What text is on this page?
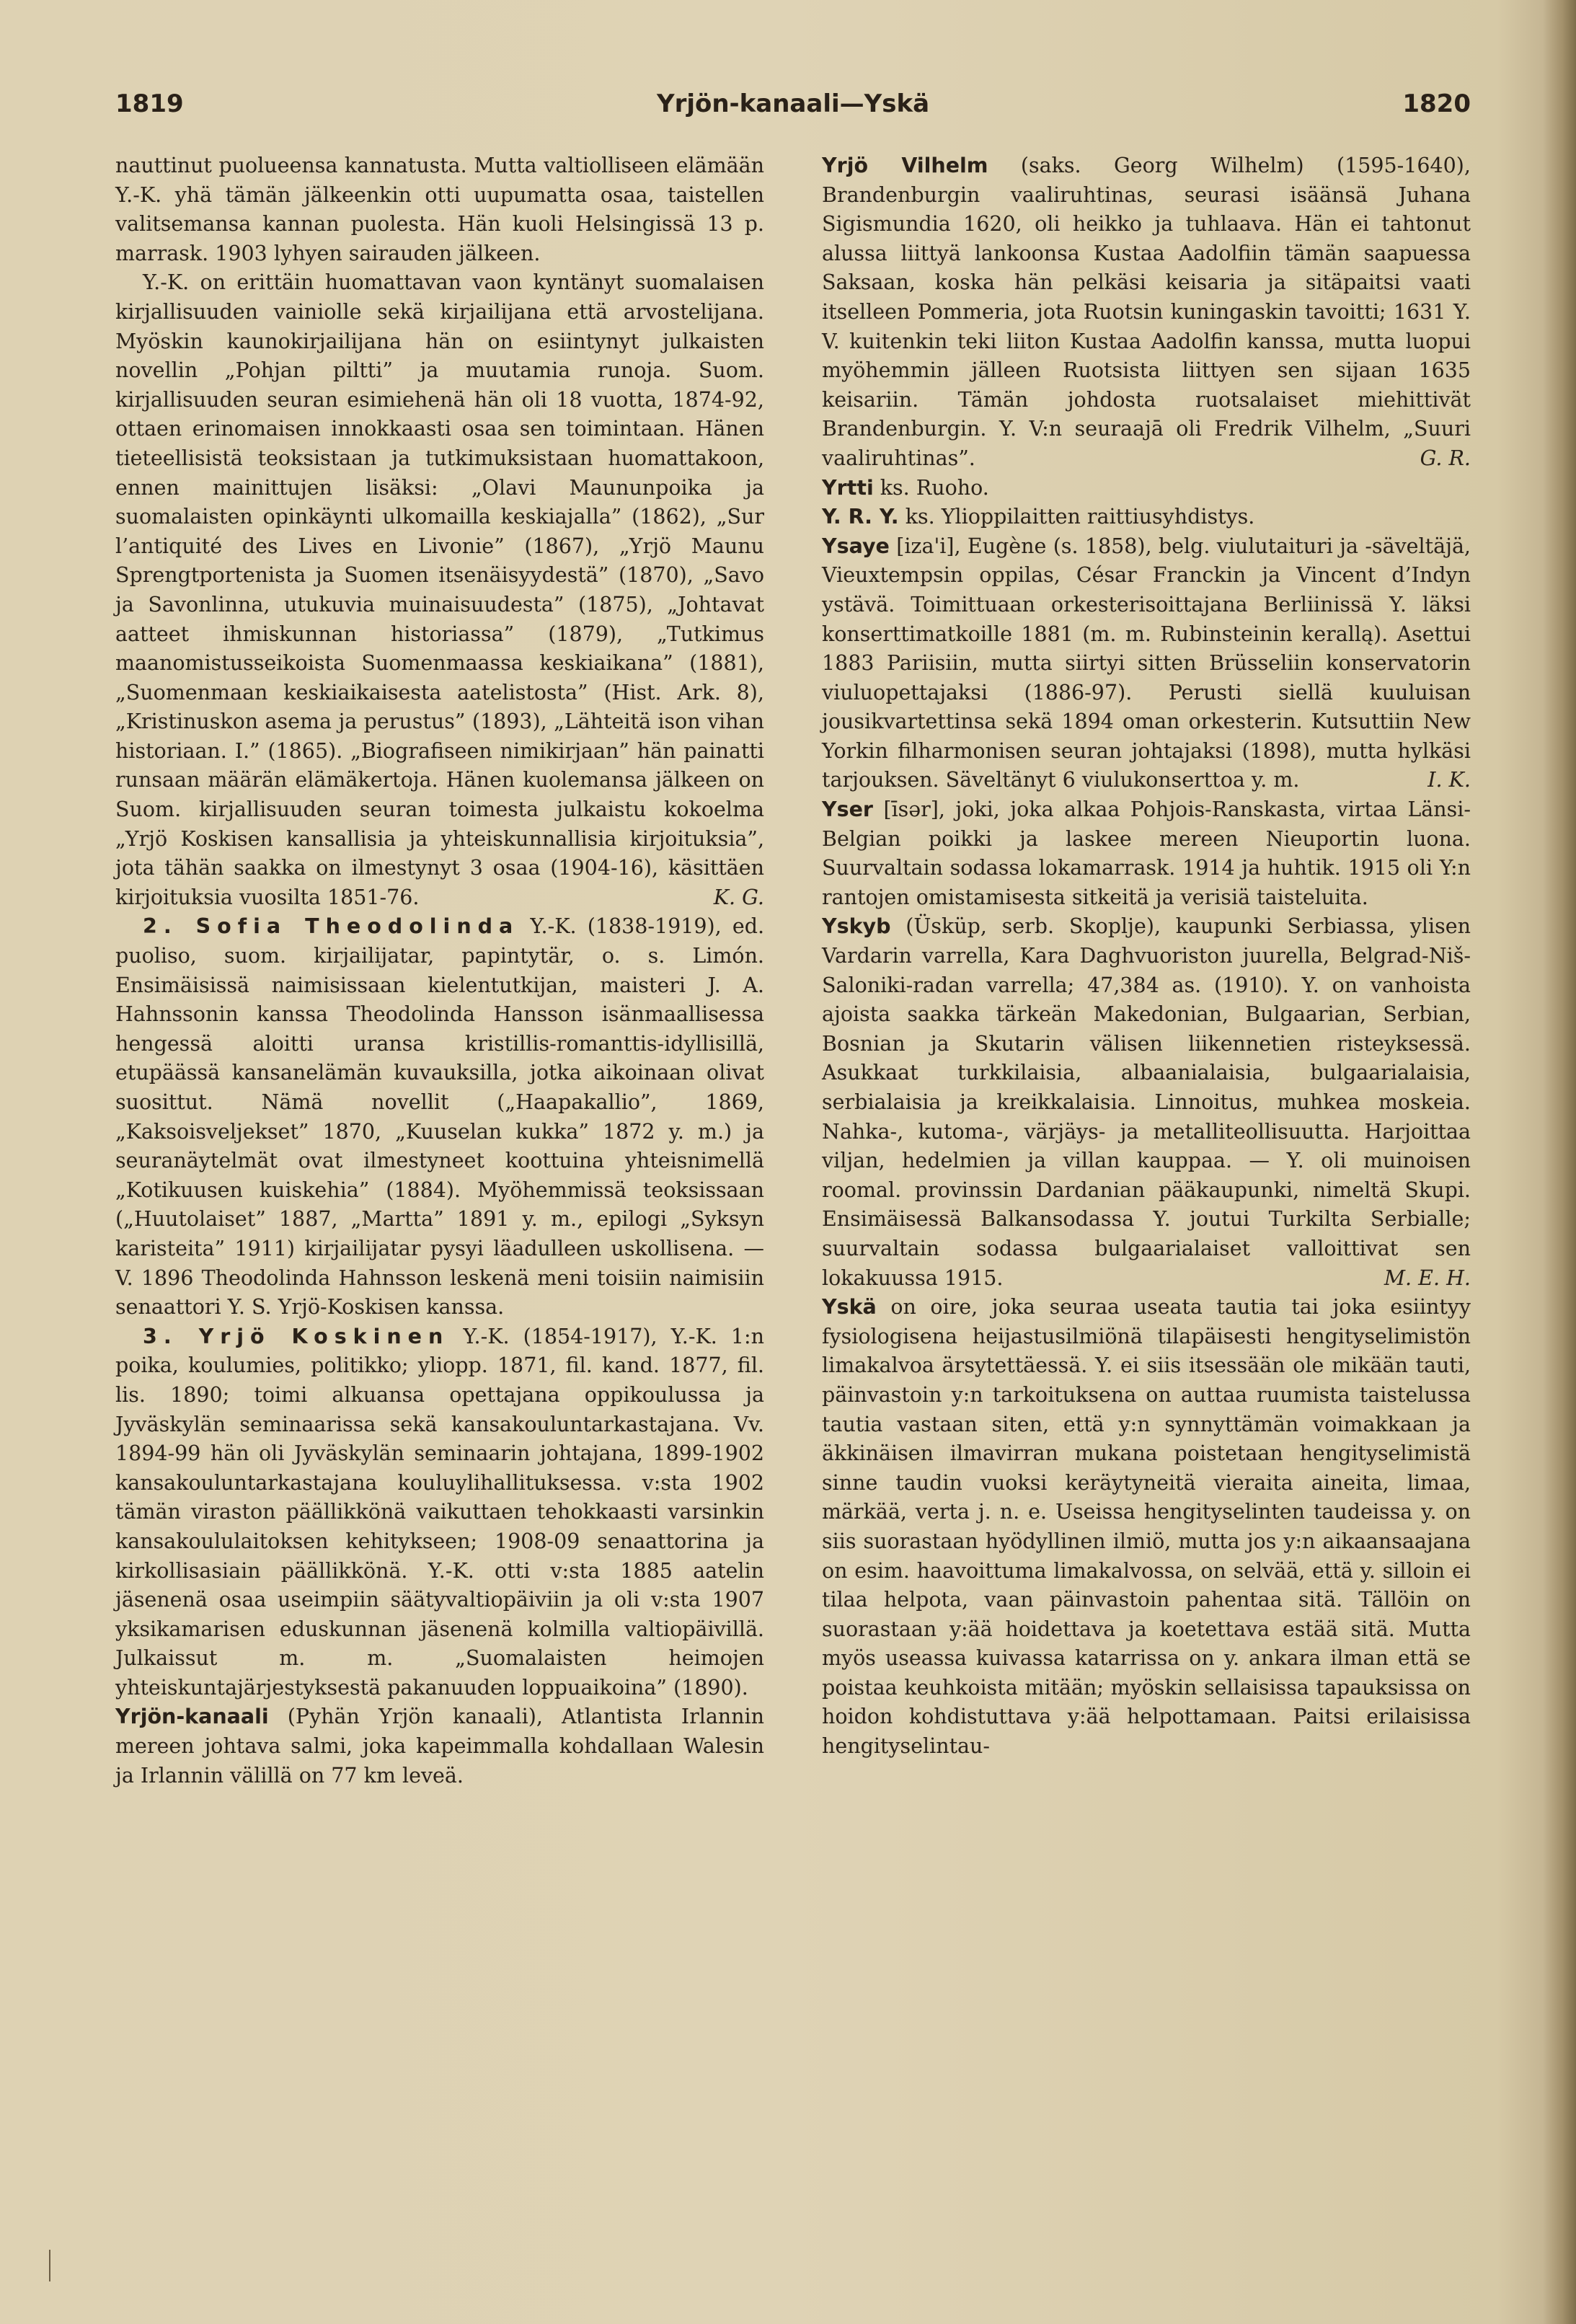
1819	Yrjön-kanaali—Yskä	1820

nauttinut puolueensa kannatusta. Mutta valtiolliseen elämään Y.-K. yhä tämän jälkeenkin otti uupumatta osaa, taistellen valitsemansa kannan puolesta. Hän kuoli Helsingissä 13 p. marrask. 1903 lyhyen sairauden jälkeen.

Y.-K. on erittäin huomattavan vaon kyntänyt suomalaisen kirjallisuuden vainiolle sekä kirjailijana että arvostelijana. Myöskin kaunokirjailijana hän on esiintynyt julkaisten novellin „Pohjan piltti” ja muutamia runoja. Suom. kirjallisuuden seuran esimiehenä hän oli 18 vuotta, 1874-92, ottaen erinomaisen innokkaasti osaa sen toimintaan. Hänen tieteellisistä teoksistaan ja tutkimuksistaan huomattakoon, ennen mainittujen lisäksi: „Olavi Maununpoika ja suomalaisten opinkäynti ulkomailla keskiajalla” (1862), „Sur l’antiquité des Lives en Livonie” (1867), „Yrjö Maunu Sprengtportenista ja Suomen itsenäisyydestä” (1870), „Savo ja Savonlinna, utukuvia muinaisuudesta” (1875), „Johtavat aatteet ihmiskunnan historiassa” (1879), „Tutkimus maanomistusseikoista Suomenmaassa keskiaikana” (1881), „Suomenmaan keskiaikaisesta aatelistosta” (Hist. Ark. 8), „Kristinuskon asema ja perustus” (1893), „Lähteitä ison vihan historiaan. I.” (1865). „Biografiseen nimikirjaan” hän painatti runsaan määrän elämäkertoja. Hänen kuolemansa jälkeen on Suom. kirjallisuuden seuran toimesta julkaistu kokoelma „Yrjö Koskisen kansallisia ja yhteiskunnallisia kirjoituksia”, jota tähän saakka on ilmestynyt 3 osaa (1904-16), käsittäen kirjoituksia vuosilta 1851-76.	K. G.

2. Sofia Theodolinda Y.-K. (1838-1919), ed. puoliso, suom. kirjailijatar, papintytär, o. s. Limón. Ensimäisissä naimisissaan kielentutkijan, maisteri J. A. Hahnssonin kanssa Theodolinda Hansson isänmaallisessa hengessä aloitti uransa kristillis-romanttis-idyllisillä, etupäässä kansanelämän kuvauksilla, jotka aikoinaan olivat suosittut. Nämä novellit („Haapakallio”, 1869, „Kaksoisveljekset” 1870, „Kuuselan kukka” 1872 y. m.) ja seuranäytelmät ovat ilmestyneet koottuina yhteisnimellä „Kotikuusen kuiskehia” (1884). Myöhemmissä teoksissaan („Huutolaiset” 1887, „Martta” 1891 y. m., epilogi „Syksyn karisteita” 1911) kirjailijatar pysyi läadulleen uskollisena. — V. 1896 Theodolinda Hahnsson leskenä meni toisiin naimisiin senaattori Y. S. Yrjö-Koskisen kanssa.

3. Yrjö Koskinen Y.-K. (1854-1917), Y.-K. 1:n poika, koulumies, politikko; yliopp. 1871, fil. kand. 1877, fil. lis. 1890; toimi alkuansa opettajana oppikoulussa ja Jyväskylän seminaarissa sekä kansakouluntarkastajana. Vv. 1894-99 hän oli Jyväskylän seminaarin johtajana, 1899-1902 kansakouluntarkastajana kouluylihallituksessa. v:sta 1902 tämän viraston päällikkönä vaikuttaen tehokkaasti varsinkin kansakoululaitoksen kehitykseen; 1908-09 senaattorina ja kirkollisasiain päällikkönä. Y.-K. otti v:sta 1885 aatelin jäsenenä osaa useimpiin säätyvaltiopäiviin ja oli v:sta 1907 yksikamarisen eduskunnan jäsenenä kolmilla valtiopäivillä. Julkaissut m. m. „Suomalaisten heimojen yhteiskuntajärjestyksestä pakanuuden loppuaikoina” (1890).

Yrjön-kanaali (Pyhän Yrjön kanaali), Atlantista Irlannin mereen johtava salmi, joka kapeimmalla kohdallaan Walesin ja Irlannin välillä on 77 km leveä.

Yrjö Vilhelm (saks. Georg Wilhelm) (1595-1640), Brandenburgin vaaliruhtinas, seurasi isäänsä Juhana Sigismundia 1620, oli heikko ja tuhlaava. Hän ei tahtonut alussa liittyä lankoonsa Kustaa Aadolfiin tämän saapuessa Saksaan, koska hän pelkäsi keisaria ja sitäpaitsi vaati itselleen Pommeria, jota Ruotsin kuningaskin tavoitti; 1631 Y. V. kuitenkin teki liiton Kustaa Aadolfin kanssa, mutta luopui myöhemmin jälleen Ruotsista liittyen sen sijaan 1635 keisariin. Tämän johdosta ruotsalaiset miehittivät Brandenburgin. Y. V:n seuraajā oli Fredrik Vilhelm, „Suuri vaaliruhtinas”.	G. R.

Yrtti ks. Ruoho.

Y. R. Y. ks. Ylioppilaitten raittiusyhdistys.

Ysaye [iza'i], Eugène (s. 1858), belg. viulutaituri ja -säveltäjä, Vieuxtempsin oppilas, César Franckin ja Vincent d’Indyn ystävä. Toimittuaan orkesterisoittajana Berliinissä Y. läksi konserttimatkoille 1881 (m. m. Rubinsteinin kerallą). Asettui 1883 Pariisiin, mutta siirtyi sitten Brüsseliin konservatorin viuluopettajaksi (1886-97). Perusti siellä kuuluisan jousikvartettinsa sekä 1894 oman orkesterin. Kutsuttiin New Yorkin filharmonisen seuran johtajaksi (1898), mutta hylkäsi tarjouksen. Säveltänyt 6 viulukonserttoa y. m.	I. K.

Yser [īsər], joki, joka alkaa Pohjois-Ranskasta, virtaa Länsi-Belgian poikki ja laskee mereen Nieuportin luona. Suurvaltain sodassa lokamarrask. 1914 ja huhtik. 1915 oli Y:n rantojen omistamisesta sitkeitä ja verisiä taisteluita.

Yskyb (Üsküp, serb. Skoplje), kaupunki Serbiassa, ylisen Vardarin varrella, Kara Daghvuoriston juurella, Belgrad-Niš-Saloniki-radan varrella; 47,384 as. (1910). Y. on vanhoista ajoista saakka tärkeän Makedonian, Bulgaarian, Serbian, Bosnian ja Skutarin välisen liikennetien risteyksessä. Asukkaat turkkilaisia, albaanialaisia, bulgaarialaisia, serbialaisia ja kreikkalaisia. Linnoitus, muhkea moskeia. Nahka-, kutoma-, värjäys- ja metalliteollisuutta. Harjoittaa viljan, hedelmien ja villan kauppaa. — Y. oli muinoisen roomal. provinssin Dardanian pääkaupunki, nimeltä Skupi. Ensimäisessä Balkansodassa Y. joutui Turkilta Serbialle; suurvaltain sodassa bulgaarialaiset valloittivat sen lokakuussa 1915.	M. E. H.

Yskä on oire, joka seuraa useata tautia tai joka esiintyy fysiologisena heijastusilmiönä tilapäisesti hengityselimistön limakalvoa ärsytettäessä. Y. ei siis itsessään ole mikään tauti, päinvastoin y:n tarkoituksena on auttaa ruumista taistelussa tautia vastaan siten, että y:n synnyttämän voimakkaan ja äkkinäisen ilmavirran mukana poistetaan hengityselimistä sinne taudin vuoksi keräytyneitä vieraita aineita, limaa, märkää, verta j. n. e. Useissa hengityselinten taudeissa y. on siis suorastaan hyödyllinen ilmiö, mutta jos y:n aikaansaajana on esim. haavoittuma limakalvossa, on selvää, että y. silloin ei tilaa helpota, vaan päinvastoin pahentaa sitä. Tällöin on suorastaan y:ää hoidettava ja koetettava estää sitä. Mutta myös useassa kuivassa katarrissa on y. ankara ilman että se poistaa keuhkoista mitään; myöskin sellaisissa tapauksissa on hoidon kohdistuttava y:ää helpottamaan. Paitsi erilaisissa hengityselintau-
